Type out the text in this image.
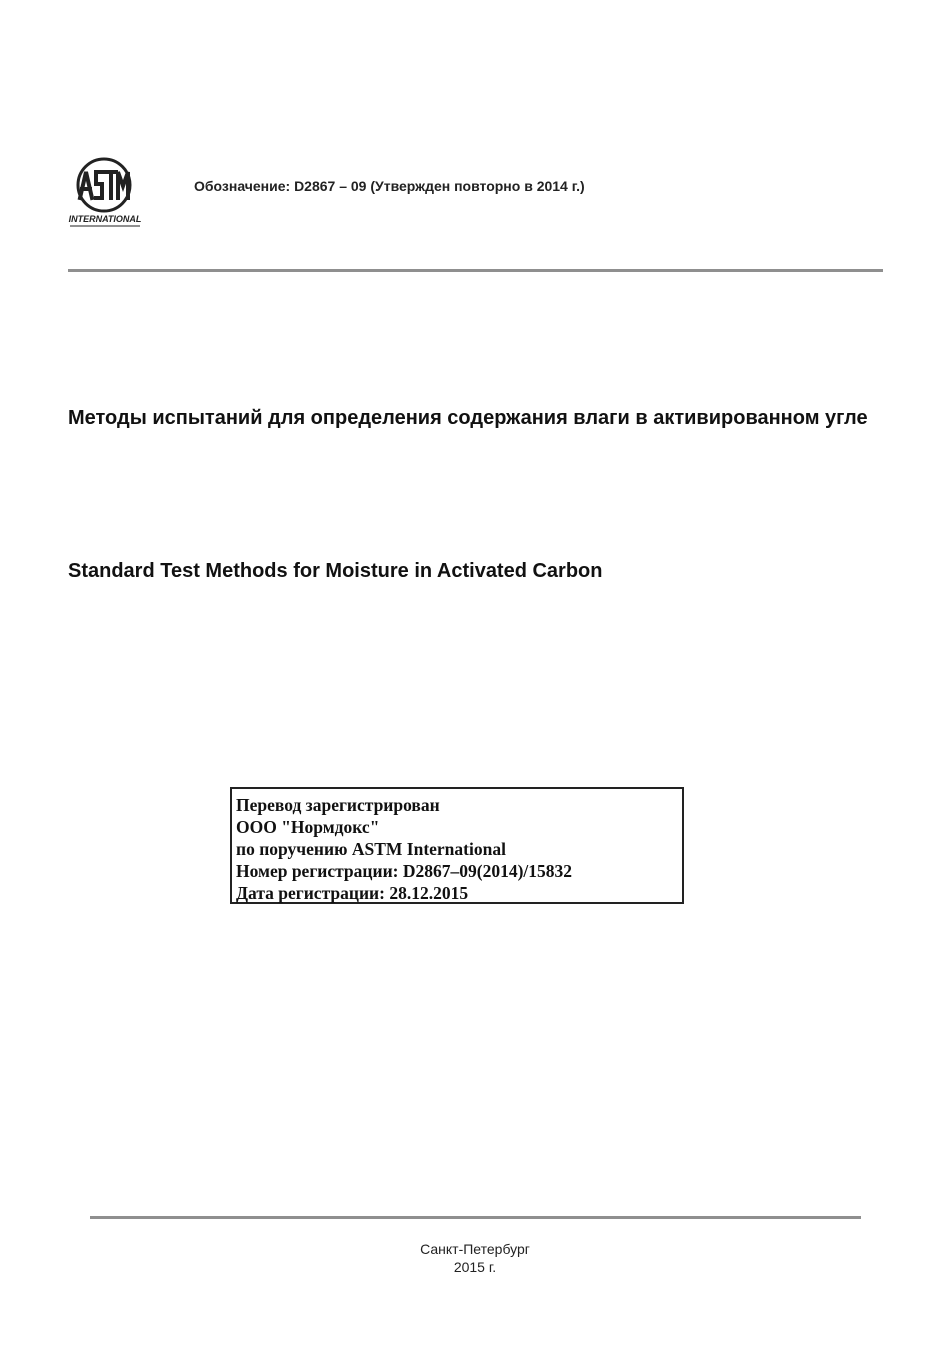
INTERNATIONAL
Обозначение: D2867 – 09 (Утвержден повторно в 2014 г.)
Методы испытаний для определения содержания влаги в активированном угле
Standard Test Methods for Moisture in Activated Carbon
Перевод зарегистрирован
ООО "Нормдокс"
по поручению ASTM International
Номер регистрации: D2867–09(2014)/15832
Дата регистрации: 28.12.2015
Санкт-Петербург
2015 г.
